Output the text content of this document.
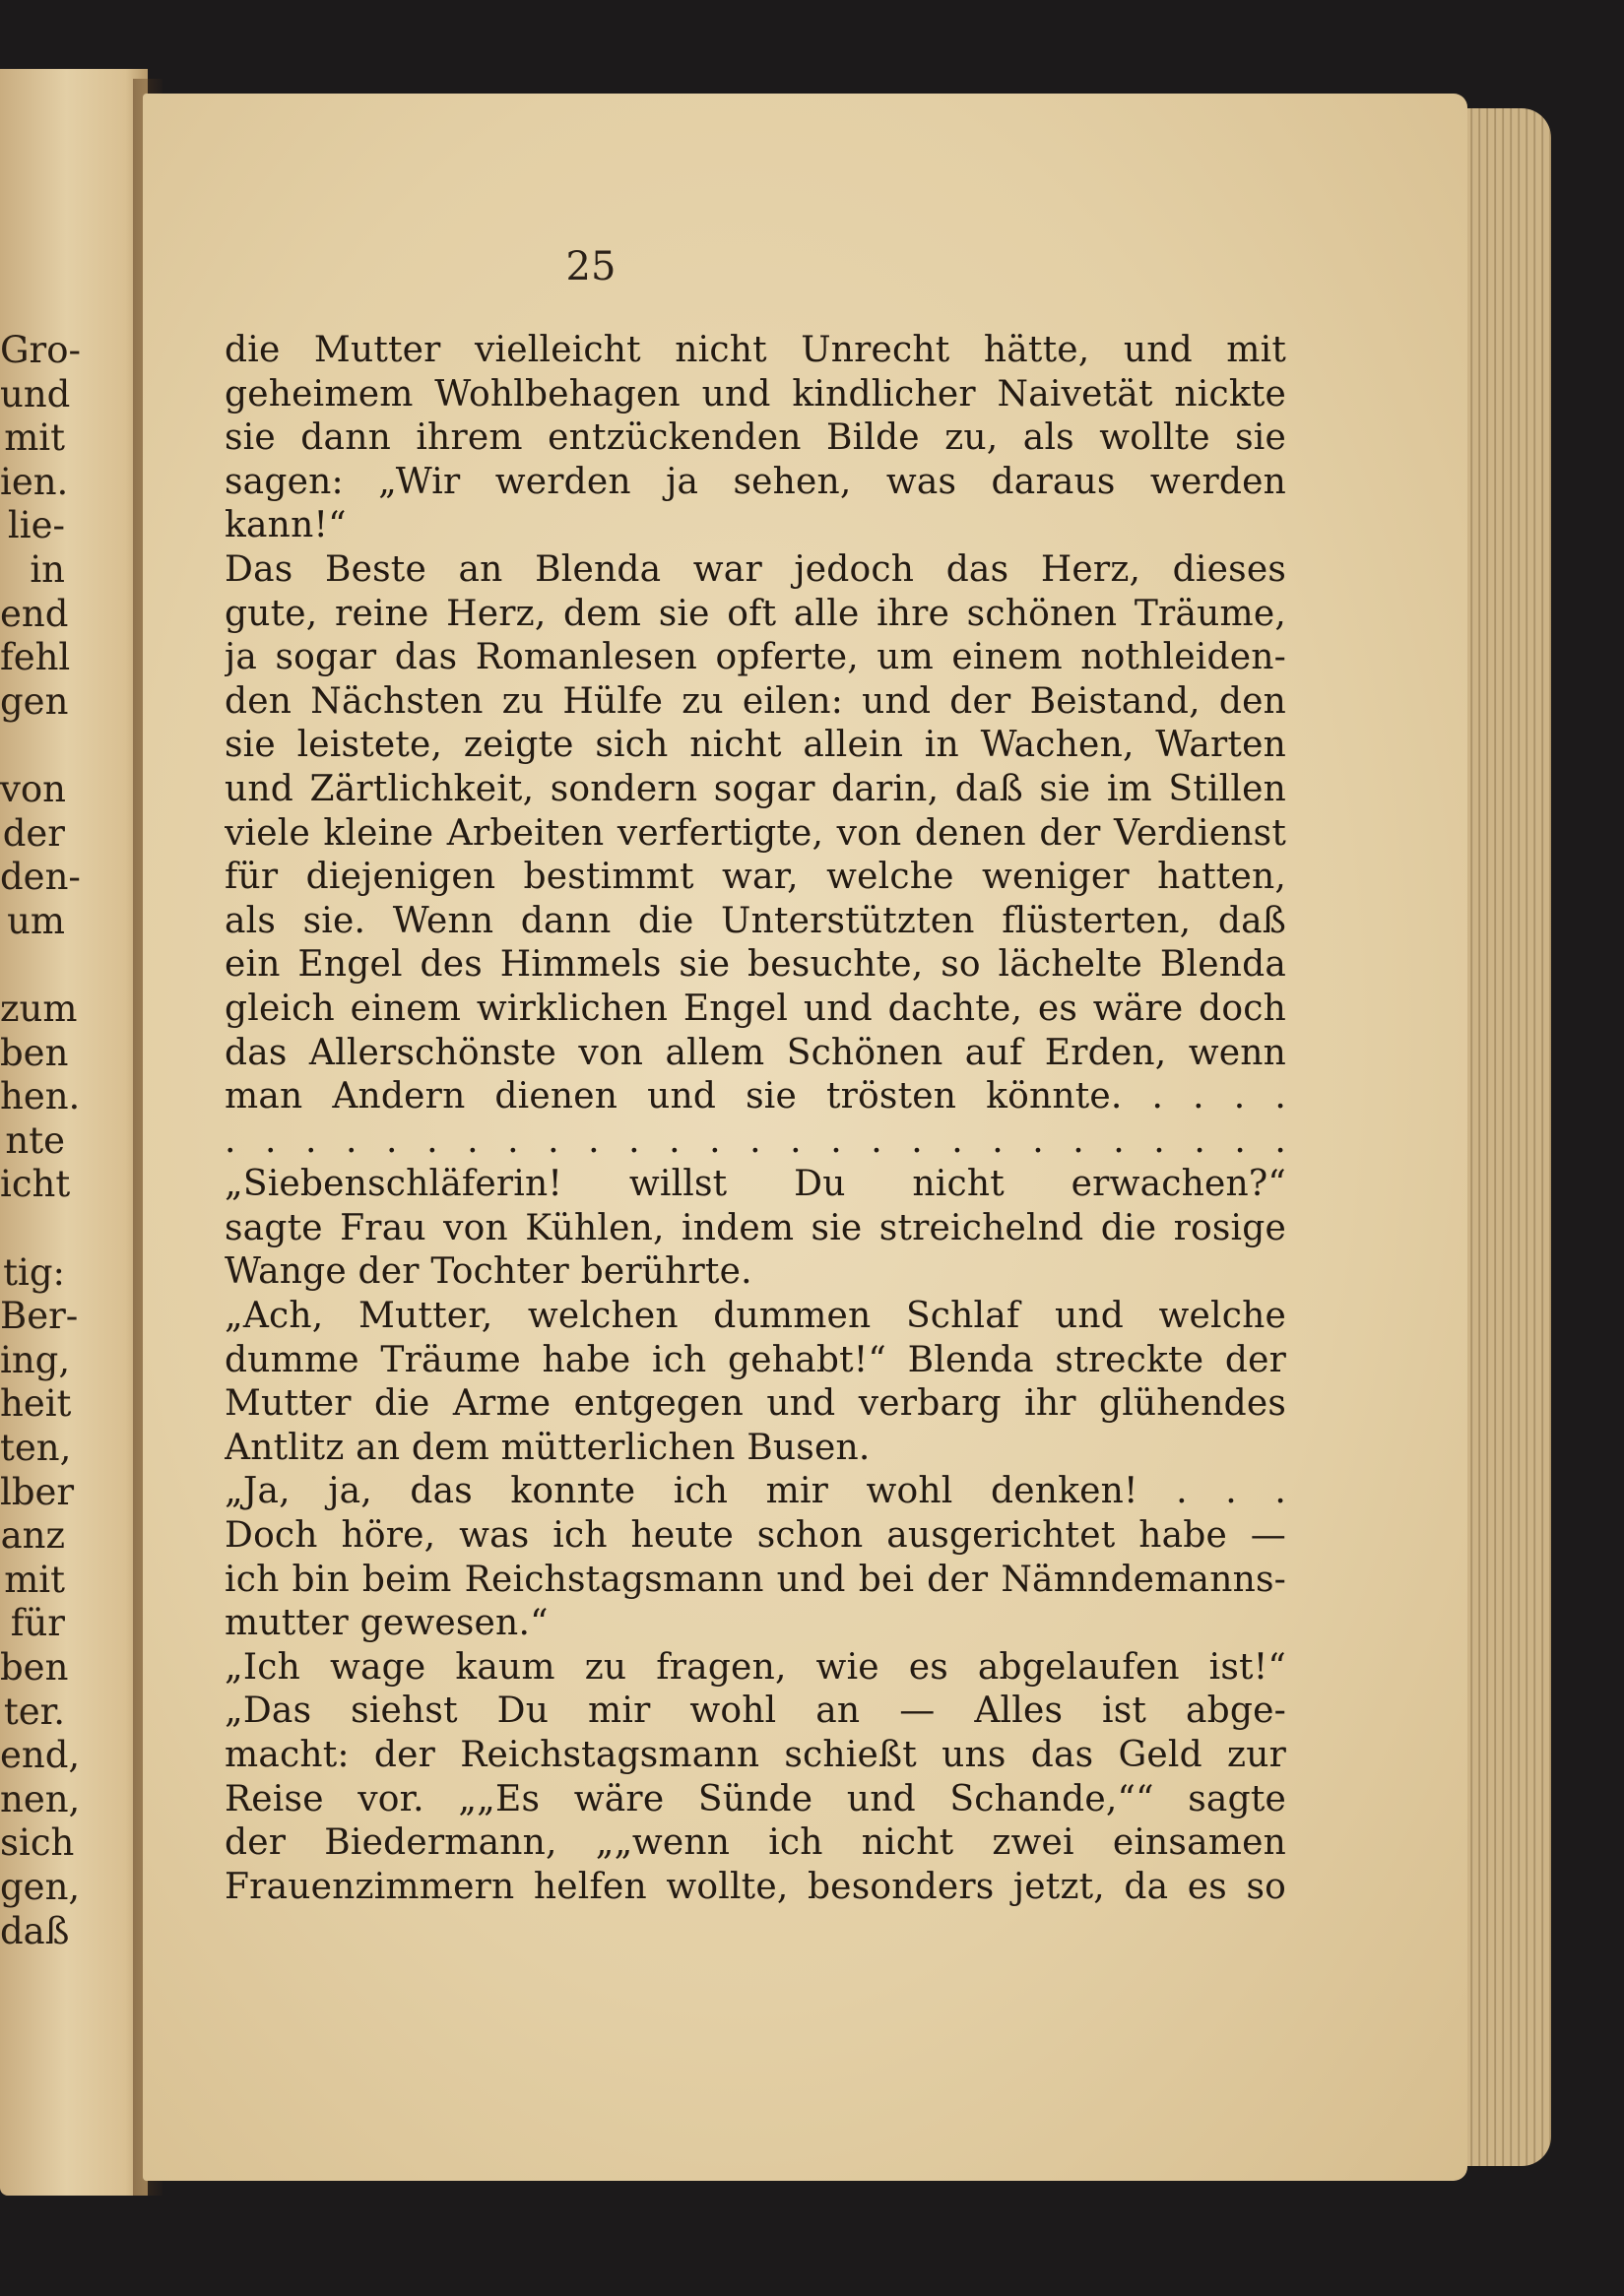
Gro-
und
mit
ien.
lie-
in
end
fehl
gen
von
der
den-
um
zum
ben
hen.
nte
icht
tig:
Ber-
ing,
heit
ten,
lber
anz
mit
für
ben
ter.
end,
nen,
sich
gen,
daß
25
die Mutter vielleicht nicht Unrecht hätte, und mit
geheimem Wohlbehagen und kindlicher Naivetät nickte
sie dann ihrem entzückenden Bilde zu, als wollte sie
sagen: „Wir werden ja sehen, was daraus werden
kann!“
Das Beste an Blenda war jedoch das Herz, dieses
gute, reine Herz, dem sie oft alle ihre schönen Träume,
ja sogar das Romanlesen opferte, um einem nothleiden-
den Nächsten zu Hülfe zu eilen: und der Beistand, den
sie leistete, zeigte sich nicht allein in Wachen, Warten
und Zärtlichkeit, sondern sogar darin, daß sie im Stillen
viele kleine Arbeiten verfertigte, von denen der Verdienst
für diejenigen bestimmt war, welche weniger hatten,
als sie. Wenn dann die Unterstützten flüsterten, daß
ein Engel des Himmels sie besuchte, so lächelte Blenda
gleich einem wirklichen Engel und dachte, es wäre doch
das Allerschönste von allem Schönen auf Erden, wenn
man Andern dienen und sie trösten könnte. . . . .
. . . . . . . . . . . . . . . . . . . . . . . . . . .
„Siebenschläferin! willst Du nicht erwachen?“
sagte Frau von Kühlen, indem sie streichelnd die rosige
Wange der Tochter berührte.
„Ach, Mutter, welchen dummen Schlaf und welche
dumme Träume habe ich gehabt!“ Blenda streckte der
Mutter die Arme entgegen und verbarg ihr glühendes
Antlitz an dem mütterlichen Busen.
„Ja, ja, das konnte ich mir wohl denken! . . .
Doch höre, was ich heute schon ausgerichtet habe —
ich bin beim Reichstagsmann und bei der Nämndemanns-
mutter gewesen.“
„Ich wage kaum zu fragen, wie es abgelaufen ist!“
„Das siehst Du mir wohl an — Alles ist abge-
macht: der Reichstagsmann schießt uns das Geld zur
Reise vor. „„Es wäre Sünde und Schande,““ sagte
der Biedermann, „„wenn ich nicht zwei einsamen
Frauenzimmern helfen wollte, besonders jetzt, da es so
